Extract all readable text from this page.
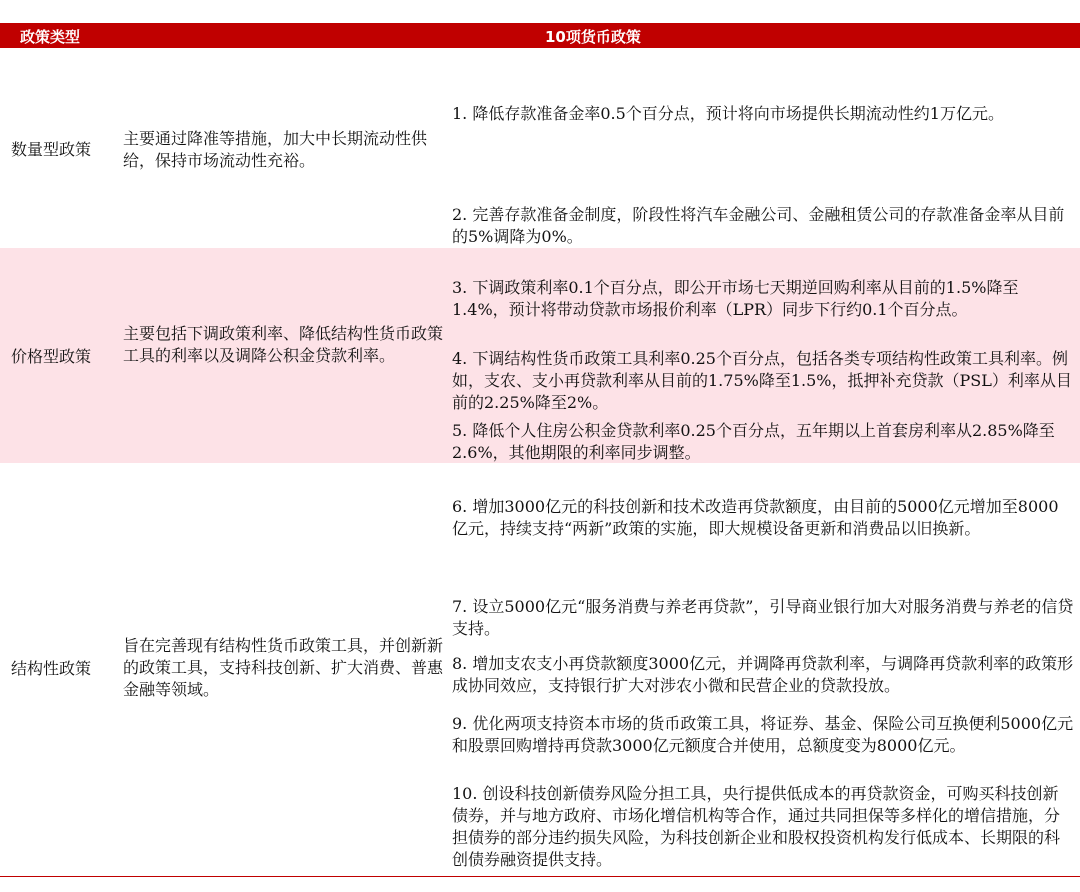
政策类型	10项货币政策
数量型政策
主要通过降准等措施，加大中长期流动性供给，保持市场流动性充裕。
1. 降低存款准备金率0.5个百分点，预计将向市场提供长期流动性约1万亿元。
2. 完善存款准备金制度，阶段性将汽车金融公司、金融租赁公司的存款准备金率从目前的5%调降为0%。
价格型政策
主要包括下调政策利率、降低结构性货币政策工具的利率以及调降公积金贷款利率。
3. 下调政策利率0.1个百分点，即公开市场七天期逆回购利率从目前的1.5%降至1.4%，预计将带动贷款市场报价利率（LPR）同步下行约0.1个百分点。
4. 下调结构性货币政策工具利率0.25个百分点，包括各类专项结构性政策工具利率。例如，支农、支小再贷款利率从目前的1.75%降至1.5%，抵押补充贷款（PSL）利率从目前的2.25%降至2%。
5. 降低个人住房公积金贷款利率0.25个百分点，五年期以上首套房利率从2.85%降至2.6%，其他期限的利率同步调整。
结构性政策
旨在完善现有结构性货币政策工具，并创新新的政策工具，支持科技创新、扩大消费、普惠金融等领域。
6. 增加3000亿元的科技创新和技术改造再贷款额度，由目前的5000亿元增加至8000亿元，持续支持“两新”政策的实施，即大规模设备更新和消费品以旧换新。
7. 设立5000亿元“服务消费与养老再贷款”，引导商业银行加大对服务消费与养老的信贷支持。
8. 增加支农支小再贷款额度3000亿元，并调降再贷款利率，与调降再贷款利率的政策形成协同效应，支持银行扩大对涉农小微和民营企业的贷款投放。
9. 优化两项支持资本市场的货币政策工具，将证券、基金、保险公司互换便利5000亿元和股票回购增持再贷款3000亿元额度合并使用，总额度变为8000亿元。
10. 创设科技创新债券风险分担工具，央行提供低成本的再贷款资金，可购买科技创新债券，并与地方政府、市场化增信机构等合作，通过共同担保等多样化的增信措施，分担债券的部分违约损失风险，为科技创新企业和股权投资机构发行低成本、长期限的科创债券融资提供支持。
